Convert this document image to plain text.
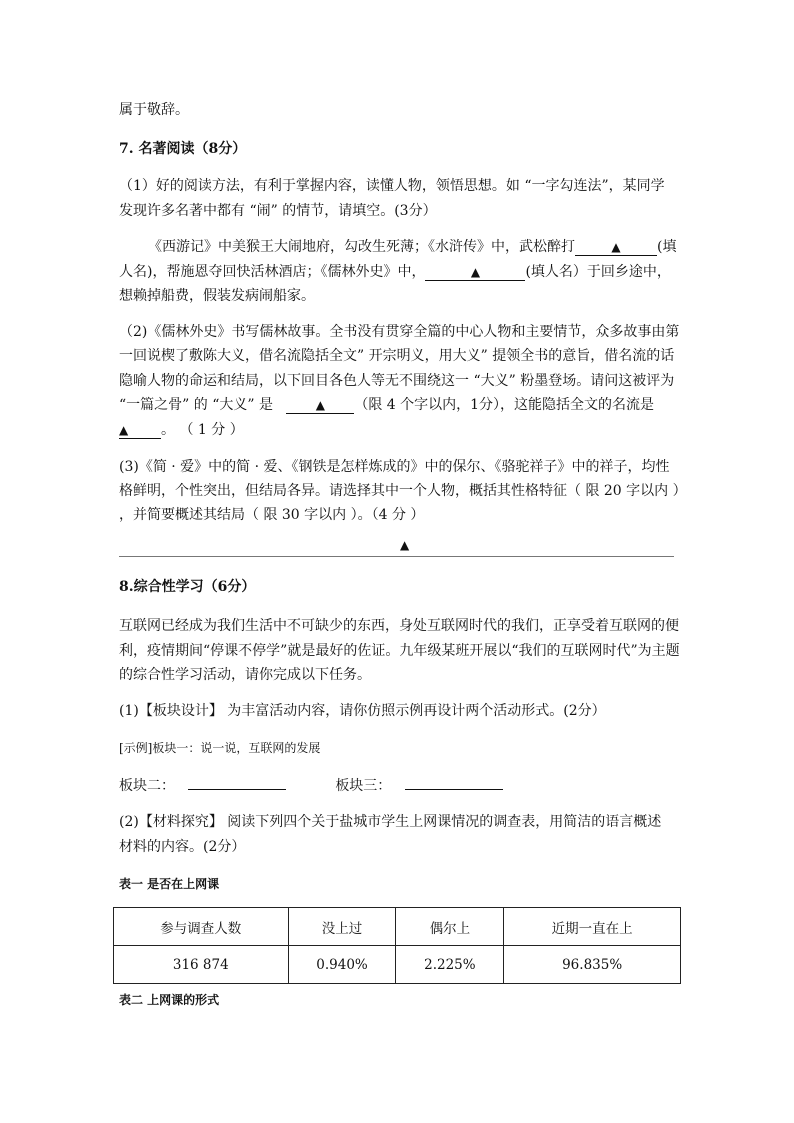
属于敬辞。
7. 名著阅读（8分）
（1）好的阅读方法，有利于掌握内容，读懂人物，领悟思想。如 “一字勾连法”，某同学
发现许多名著中都有 “闹” 的情节，请填空。(3分）
《西游记》中美猴王大闹地府，勾改生死薄；《水浒传》中，武松醉打	▲	(填
人名)，帮施恩夺回快活林酒店；《儒林外史》中，	▲	(填人名）于回乡途中，
想赖掉船费，假装发病闹船家。
（2)《儒林外史》书写儒林故事。全书没有贯穿全篇的中心人物和主要情节，众多故事由第
一回说楔了敷陈大义，借名流隐括全文” 开宗明义，用大义” 提领全书的意旨，借名流的话
隐喻人物的命运和结局，以下回目各色人等无不围绕这一 “大义” 粉墨登场。请问这被评为
“一篇之骨” 的 “大义” 是	▲ （限 4 个字以内，1分），这能隐括全文的名流是
▲ 。 （ 1 分 ）
(3)《简 · 爱》中的简 · 爱、《钢铁是怎样炼成的》中的保尔、《骆驼祥子》中的祥子，均性
格鲜明，个性突出，但结局各异。请选择其中一个人物，概括其性格特征（ 限 20 字以内 ）
，并简要概述其结局（ 限 30 字以内 ）。（4 分 ）
▲
8.综合性学习（6分）
互联网已经成为我们生活中不可缺少的东西，身处互联网时代的我们，正享受着互联网的便
利，疫情期间“停课不停学”就是最好的佐证。九年级某班开展以“我们的互联网时代”为主题
的综合性学习活动，请你完成以下任务。
(1)【板块设计】 为丰富活动内容，请你仿照示例再设计两个活动形式。(2分）
[示例]板块一：说一说，互联网的发展
板块二：	板块三：
(2)【材料探究】 阅读下列四个关于盐城市学生上网课情况的调查表，用简洁的语言概述
材料的内容。(2分）
表一 是否在上网课
参与调查人数	没上过	偶尔上	近期一直在上
316 874	0.940%	2.225%	96.835%
表二 上网课的形式
